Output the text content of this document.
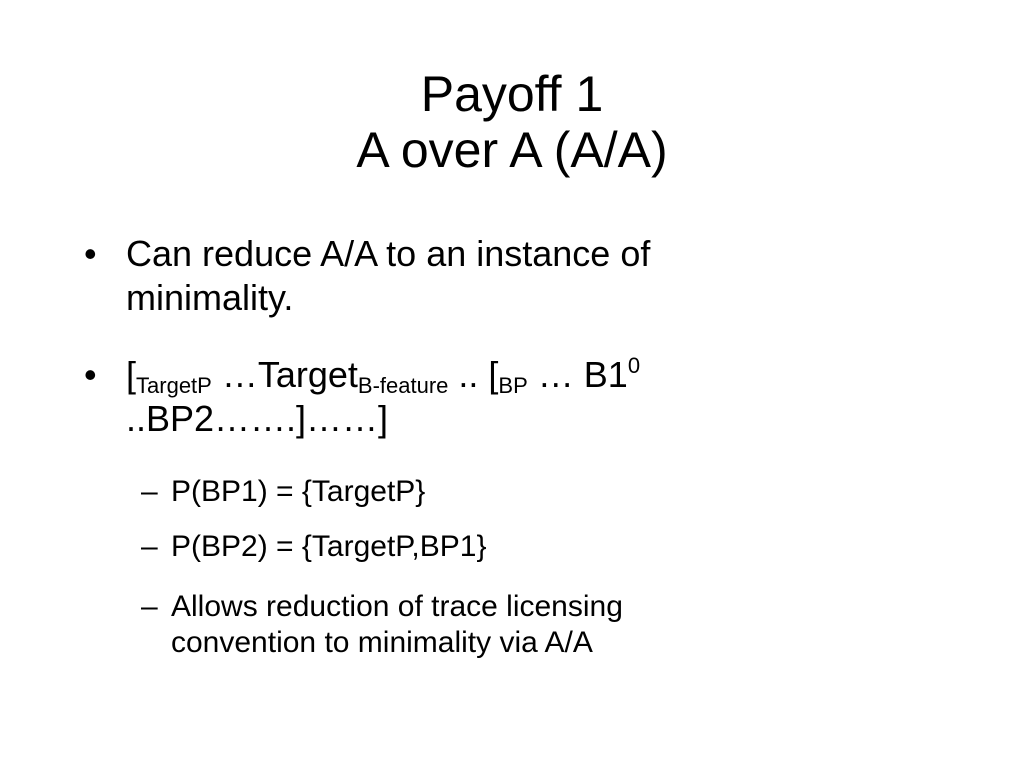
Payoff 1
A over A (A/A)
• Can reduce A/A to an instance of
minimality.
• [$_{TargetP}$ …Target$_{B-feature}$ .. [$_{BP}$ … $B1^0$
..BP2…….]……]
– P(BP1) = {TargetP}
– P(BP2) = {TargetP,BP1}
– Allows reduction of trace licensing
convention to minimality via A/A
